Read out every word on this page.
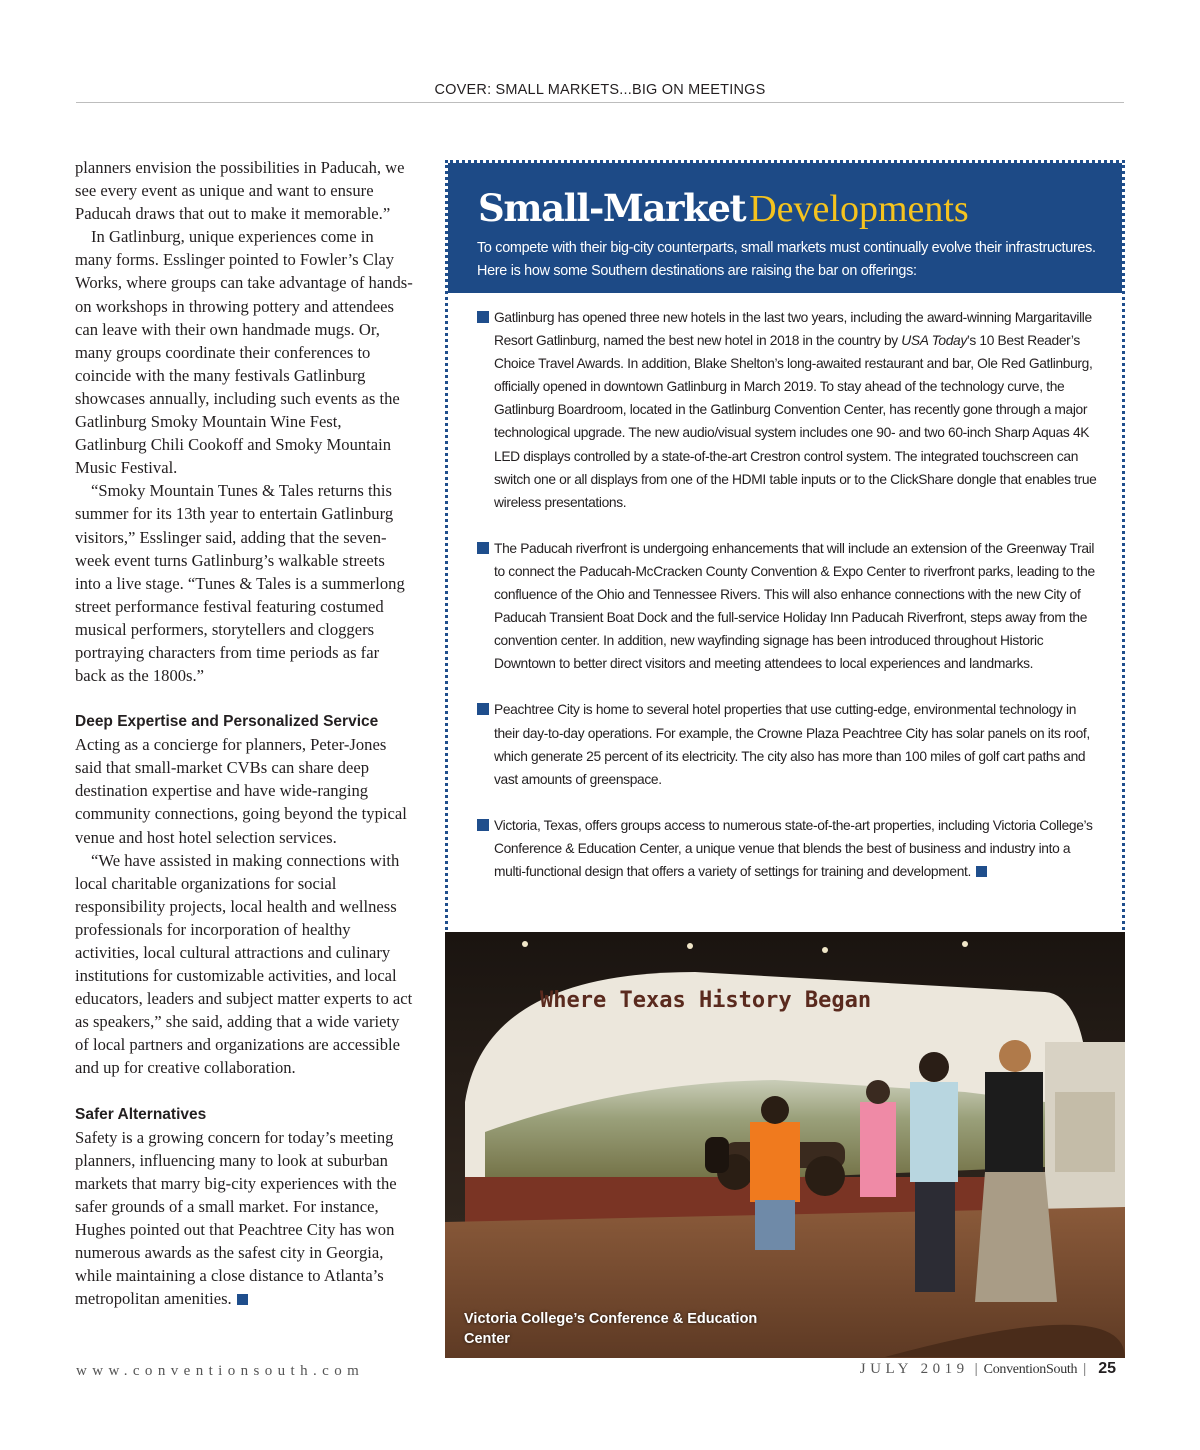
COVER: SMALL MARKETS...BIG ON MEETINGS

planners envision the possibilities in Paducah, we see every event as unique and want to ensure Paducah draws that out to make it memorable.”

In Gatlinburg, unique experiences come in many forms. Esslinger pointed to Fowler’s Clay Works, where groups can take advantage of hands-on workshops in throwing pottery and attendees can leave with their own handmade mugs. Or, many groups coordinate their conferences to coincide with the many festivals Gatlinburg showcases annually, including such events as the Gatlinburg Smoky Mountain Wine Fest, Gatlinburg Chili Cookoff and Smoky Mountain Music Festival.

“Smoky Mountain Tunes & Tales returns this summer for its 13th year to entertain Gatlinburg visitors,” Esslinger said, adding that the seven-week event turns Gatlinburg’s walkable streets into a live stage. “Tunes & Tales is a summerlong street performance festival featuring costumed musical performers, storytellers and cloggers portraying characters from time periods as far back as the 1800s.”

Deep Expertise and Personalized Service

Acting as a concierge for planners, Peter-Jones said that small-market CVBs can share deep destination expertise and have wide-ranging community connections, going beyond the typical venue and host hotel selection services.

“We have assisted in making connections with local charitable organizations for social responsibility projects, local health and wellness professionals for incorporation of healthy activities, local cultural attractions and culinary institutions for customizable activities, and local educators, leaders and subject matter experts to act as speakers,” she said, adding that a wide variety of local partners and organizations are accessible and up for creative collaboration.

Safer Alternatives

Safety is a growing concern for today’s meeting planners, influencing many to look at suburban markets that marry big-city experiences with the safer grounds of a small market. For instance, Hughes pointed out that Peachtree City has won numerous awards as the safest city in Georgia, while maintaining a close distance to Atlanta’s metropolitan amenities.

Small-Market Developments
To compete with their big-city counterparts, small markets must continually evolve their infrastructures. Here is how some Southern destinations are raising the bar on offerings:
Gatlinburg has opened three new hotels in the last two years, including the award-winning Margaritaville Resort Gatlinburg, named the best new hotel in 2018 in the country by USA Today’s 10 Best Reader’s Choice Travel Awards. In addition, Blake Shelton’s long-awaited restaurant and bar, Ole Red Gatlinburg, officially opened in downtown Gatlinburg in March 2019. To stay ahead of the technology curve, the Gatlinburg Boardroom, located in the Gatlinburg Convention Center, has recently gone through a major technological upgrade. The new audio/visual system includes one 90- and two 60-inch Sharp Aquas 4K LED displays controlled by a state-of-the-art Crestron control system. The integrated touchscreen can switch one or all displays from one of the HDMI table inputs or to the ClickShare dongle that enables true wireless presentations.
The Paducah riverfront is undergoing enhancements that will include an extension of the Greenway Trail to connect the Paducah-McCracken County Convention & Expo Center to riverfront parks, leading to the confluence of the Ohio and Tennessee Rivers. This will also enhance connections with the new City of Paducah Transient Boat Dock and the full-service Holiday Inn Paducah Riverfront, steps away from the convention center. In addition, new wayfinding signage has been introduced throughout Historic Downtown to better direct visitors and meeting attendees to local experiences and landmarks.
Peachtree City is home to several hotel properties that use cutting-edge, environmental technology in their day-to-day operations. For example, the Crowne Plaza Peachtree City has solar panels on its roof, which generate 25 percent of its electricity. The city also has more than 100 miles of golf cart paths and vast amounts of greenspace.
Victoria, Texas, offers groups access to numerous state-of-the-art properties, including Victoria College’s Conference & Education Center, a unique venue that blends the best of business and industry into a multi-functional design that offers a variety of settings for training and development.
Where Texas History Began
Victoria College’s Conference & Education Center
www.conventionsouth.com	JULY 2019 | ConventionSouth | 25
